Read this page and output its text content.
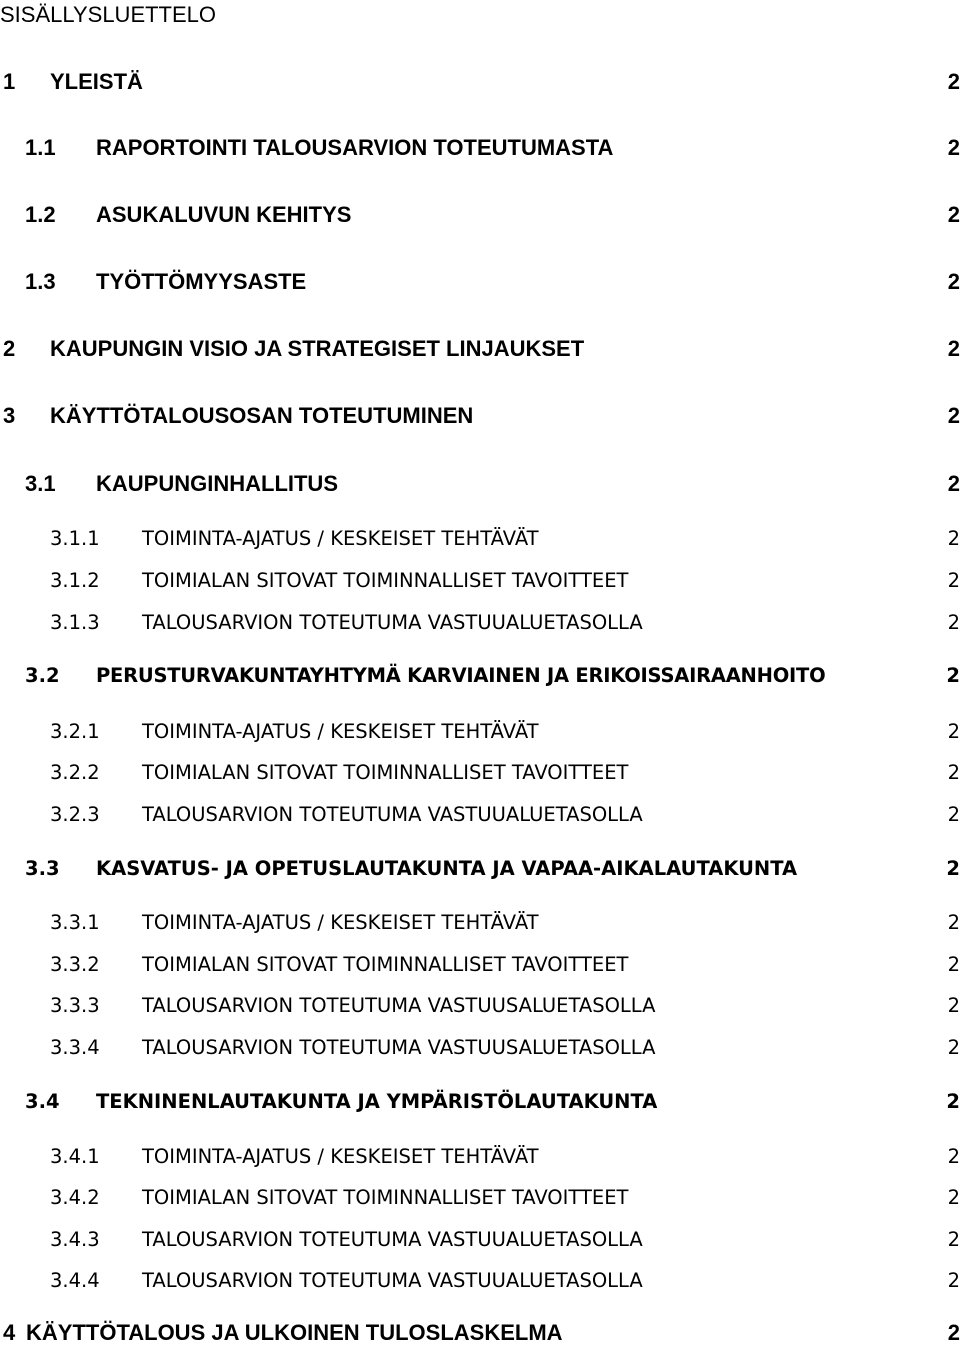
SISÄLLYSLUETTELO
1 YLEISTÄ	2
1.1 RAPORTOINTI TALOUSARVION TOTEUTUMASTA	2
1.2 ASUKALUVUN KEHITYS	2
1.3 TYÖTTÖMYYSASTE	2
2 KAUPUNGIN VISIO JA STRATEGISET LINJAUKSET	2
3 KÄYTTÖTALOUSOSAN TOTEUTUMINEN	2
3.1 KAUPUNGINHALLITUS	2
3.1.1 TOIMINTA-AJATUS / KESKEISET TEHTÄVÄT	2
3.1.2 TOIMIALAN SITOVAT TOIMINNALLISET TAVOITTEET	2
3.1.3 TALOUSARVION TOTEUTUMA VASTUUALUETASOLLA	2
3.2 PERUSTURVAKUNTAYHTYMÄ KARVIAINEN JA ERIKOISSAIRAANHOITO	2
3.2.1 TOIMINTA-AJATUS / KESKEISET TEHTÄVÄT	2
3.2.2 TOIMIALAN SITOVAT TOIMINNALLISET TAVOITTEET	2
3.2.3 TALOUSARVION TOTEUTUMA VASTUUALUETASOLLA	2
3.3 KASVATUS- JA OPETUSLAUTAKUNTA JA VAPAA-AIKALAUTAKUNTA	2
3.3.1 TOIMINTA-AJATUS / KESKEISET TEHTÄVÄT	2
3.3.2 TOIMIALAN SITOVAT TOIMINNALLISET TAVOITTEET	2
3.3.3 TALOUSARVION TOTEUTUMA VASTUUSALUETASOLLA	2
3.3.4 TALOUSARVION TOTEUTUMA VASTUUSALUETASOLLA	2
3.4 TEKNINENLAUTAKUNTA JA YMPÄRISTÖLAUTAKUNTA	2
3.4.1 TOIMINTA-AJATUS / KESKEISET TEHTÄVÄT	2
3.4.2 TOIMIALAN SITOVAT TOIMINNALLISET TAVOITTEET	2
3.4.3 TALOUSARVION TOTEUTUMA VASTUUALUETASOLLA	2
3.4.4 TALOUSARVION TOTEUTUMA VASTUUALUETASOLLA	2
4 KÄYTTÖTALOUS JA ULKOINEN TULOSLASKELMA	2
